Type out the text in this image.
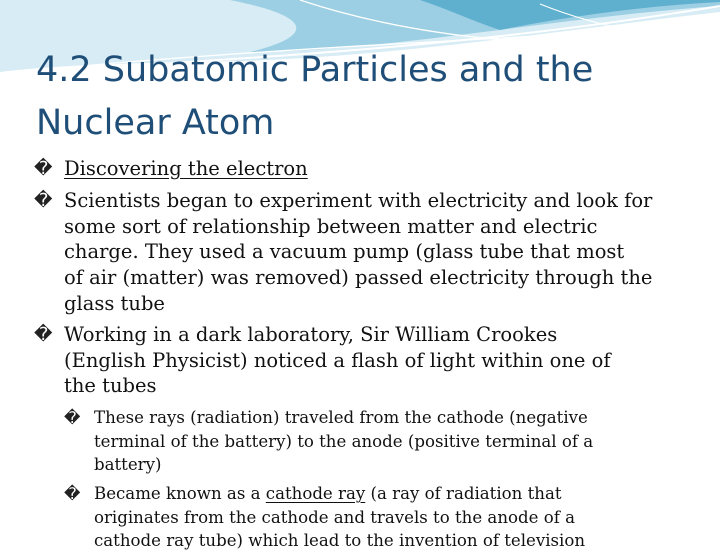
4.2 Subatomic Particles and the
Nuclear Atom
� Discovering the electron
� Scientists began to experiment with electricity and look for
some sort of relationship between matter and electric
charge. They used a vacuum pump (glass tube that most
of air (matter) was removed) passed electricity through the
glass tube
� Working in a dark laboratory, Sir William Crookes
(English Physicist) noticed a flash of light within one of
the tubes
� These rays (radiation) traveled from the cathode (negative
terminal of the battery) to the anode (positive terminal of a
battery)
� Became known as a cathode ray (a ray of radiation that
originates from the cathode and travels to the anode of a
cathode ray tube) which lead to the invention of television
